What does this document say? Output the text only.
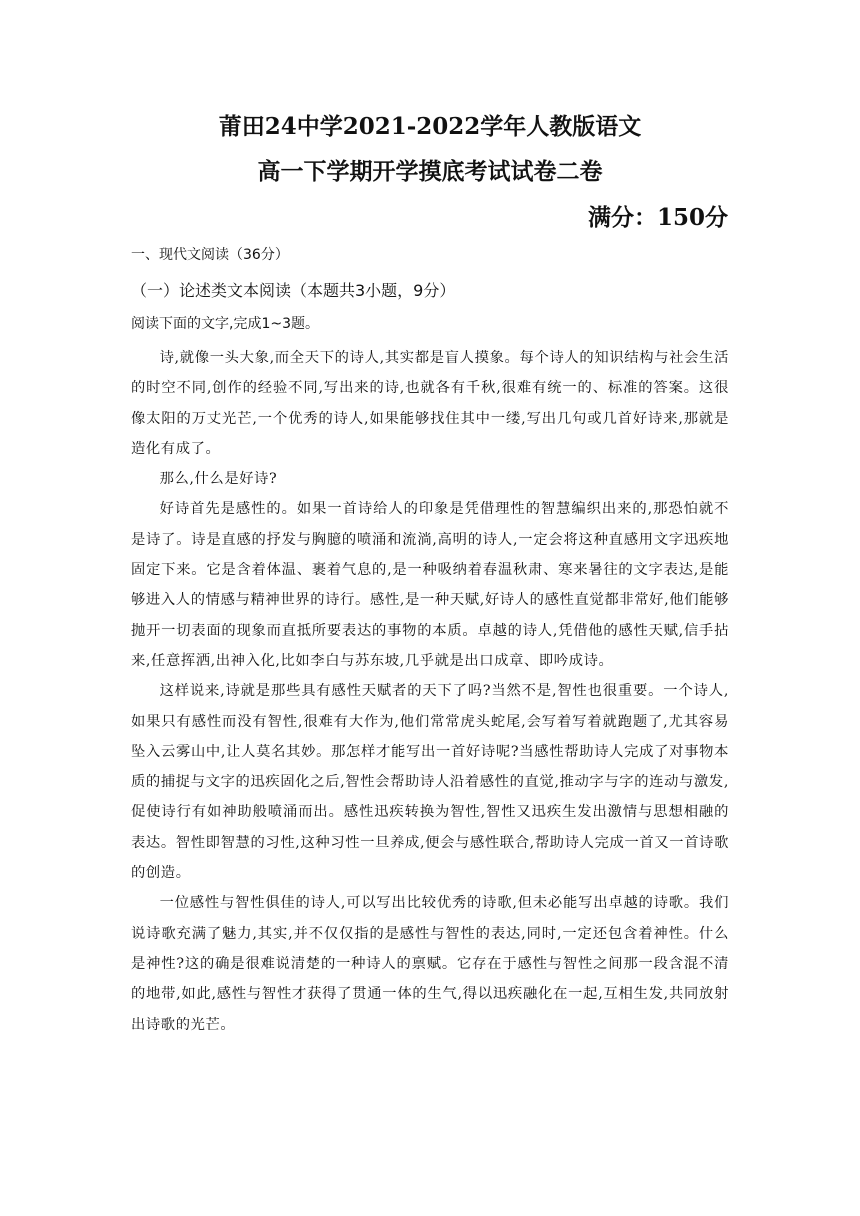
莆田24中学2021-2022学年人教版语文
高一下学期开学摸底考试试卷二卷
满分：150分
一、现代文阅读（36分）
（一）论述类文本阅读（本题共3小题，9分）
阅读下面的文字,完成1~3题。

诗,就像一头大象,而全天下的诗人,其实都是盲人摸象。每个诗人的知识结构与社会生活的时空不同,创作的经验不同,写出来的诗,也就各有千秋,很难有统一的、标准的答案。这很像太阳的万丈光芒,一个优秀的诗人,如果能够找住其中一缕,写出几句或几首好诗来,那就是造化有成了。

那么,什么是好诗?

好诗首先是感性的。如果一首诗给人的印象是凭借理性的智慧编织出来的,那恐怕就不是诗了。诗是直感的抒发与胸臆的喷涌和流淌,高明的诗人,一定会将这种直感用文字迅疾地固定下来。它是含着体温、裹着气息的,是一种吸纳着春温秋肃、寒来暑往的文字表达,是能够进入人的情感与精神世界的诗行。感性,是一种天赋,好诗人的感性直觉都非常好,他们能够抛开一切表面的现象而直抵所要表达的事物的本质。卓越的诗人,凭借他的感性天赋,信手拈来,任意挥洒,出神入化,比如李白与苏东坡,几乎就是出口成章、即吟成诗。

这样说来,诗就是那些具有感性天赋者的天下了吗?当然不是,智性也很重要。一个诗人,如果只有感性而没有智性,很难有大作为,他们常常虎头蛇尾,会写着写着就跑题了,尤其容易坠入云雾山中,让人莫名其妙。那怎样才能写出一首好诗呢?当感性帮助诗人完成了对事物本质的捕捉与文字的迅疾固化之后,智性会帮助诗人沿着感性的直觉,推动字与字的连动与激发,促使诗行有如神助般喷涌而出。感性迅疾转换为智性,智性又迅疾生发出激情与思想相融的表达。智性即智慧的习性,这种习性一旦养成,便会与感性联合,帮助诗人完成一首又一首诗歌的创造。

一位感性与智性俱佳的诗人,可以写出比较优秀的诗歌,但未必能写出卓越的诗歌。我们说诗歌充满了魅力,其实,并不仅仅指的是感性与智性的表达,同时,一定还包含着神性。什么是神性?这的确是很难说清楚的一种诗人的禀赋。它存在于感性与智性之间那一段含混不清的地带,如此,感性与智性才获得了贯通一体的生气,得以迅疾融化在一起,互相生发,共同放射出诗歌的光芒。
